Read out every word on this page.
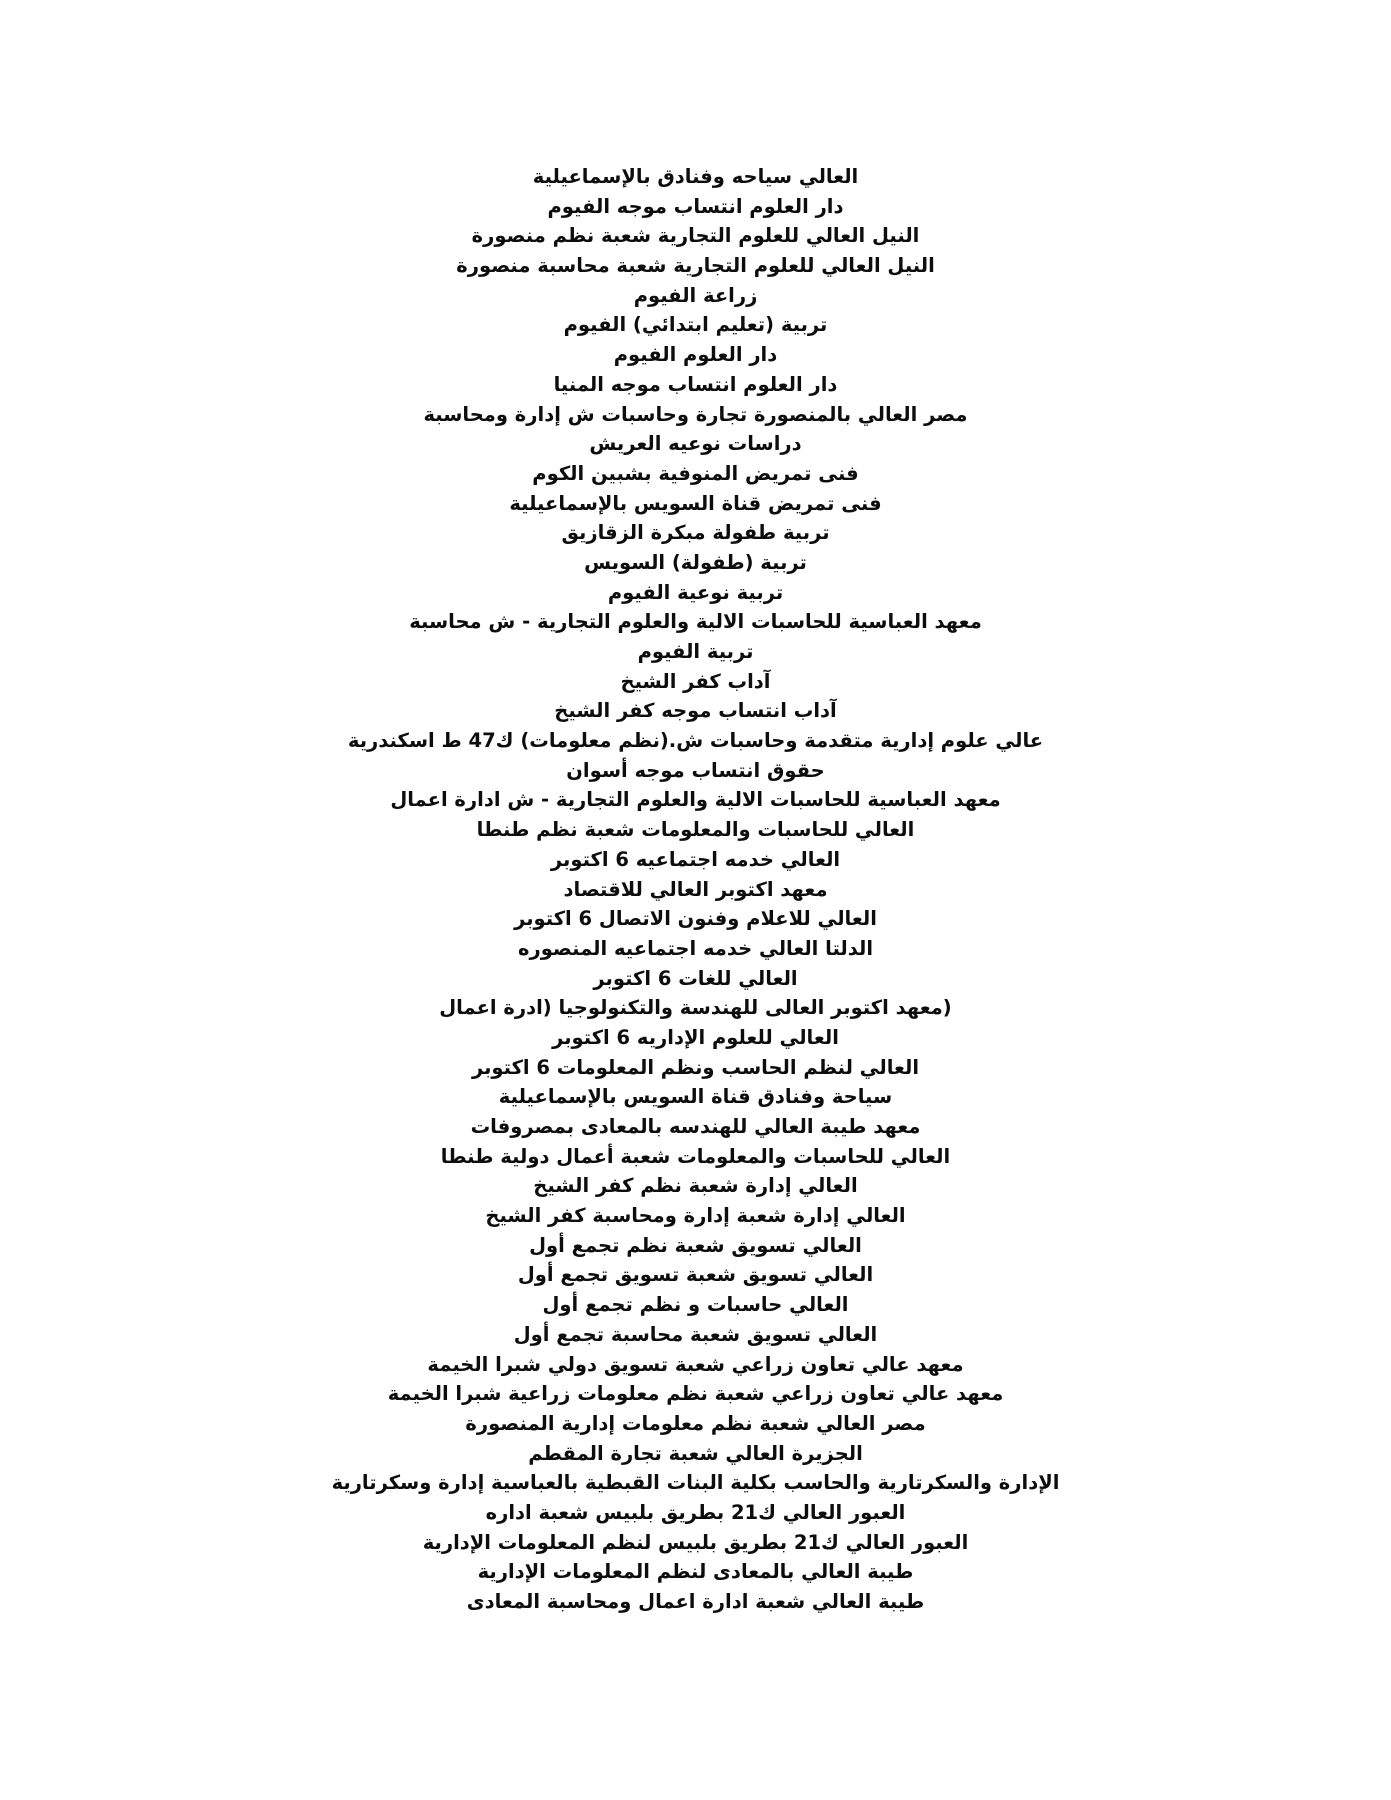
العالي سياحه وفنادق بالإسماعيلية
دار العلوم انتساب موجه الفيوم
النيل العالي للعلوم التجارية شعبة نظم منصورة
النيل العالي للعلوم التجارية شعبة محاسبة منصورة
زراعة الفيوم
تربية (تعليم ابتدائي) الفيوم
دار العلوم الفيوم
دار العلوم انتساب موجه المنيا
مصر العالي بالمنصورة تجارة وحاسبات ش إدارة ومحاسبة
دراسات نوعيه العريش
فنى تمريض المنوفية بشبين الكوم
فنى تمريض قناة السويس بالإسماعيلية
تربية طفولة مبكرة الزقازيق
تربية (طفولة) السويس
تربية نوعية الفيوم
معهد العباسية للحاسبات الالية والعلوم التجارية - ش محاسبة
تربية الفيوم
آداب كفر الشيخ
آداب انتساب موجه كفر الشيخ
عالي علوم إدارية متقدمة وحاسبات ش.(نظم معلومات) ك47 ط اسكندرية
حقوق انتساب موجه أسوان
معهد العباسية للحاسبات الالية والعلوم التجارية - ش ادارة اعمال
العالي للحاسبات والمعلومات شعبة نظم طنطا
العالي خدمه اجتماعيه 6 اكتوبر
معهد اكتوبر العالي للاقتصاد
العالي للاعلام وفنون الاتصال 6 اكتوبر
الدلتا العالي خدمه اجتماعيه المنصوره
العالي للغات 6 اكتوبر
(معهد اكتوبر العالى للهندسة والتكنولوجيا (ادرة اعمال
العالي للعلوم الإداريه 6 اكتوبر
العالي لنظم الحاسب ونظم المعلومات 6 اكتوبر
سياحة وفنادق قناة السويس بالإسماعيلية
معهد طيبة العالي للهندسه بالمعادى بمصروفات
العالي للحاسبات والمعلومات شعبة أعمال دولية طنطا
العالي إدارة شعبة نظم كفر الشيخ
العالي إدارة شعبة إدارة ومحاسبة كفر الشيخ
العالي تسويق شعبة نظم تجمع أول
العالي تسويق شعبة تسويق تجمع أول
العالي حاسبات و نظم تجمع أول
العالي تسويق شعبة محاسبة تجمع أول
معهد عالي تعاون زراعي شعبة تسويق دولي شبرا الخيمة
معهد عالي تعاون زراعي شعبة نظم معلومات زراعية شبرا الخيمة
مصر العالي شعبة نظم معلومات إدارية المنصورة
الجزيرة العالي شعبة تجارة المقطم
الإدارة والسكرتارية والحاسب بكلية البنات القبطية بالعباسية إدارة وسكرتارية
العبور العالي ك21 بطريق بلبيس شعبة اداره
العبور العالي ك21 بطريق بلبيس لنظم المعلومات الإدارية
طيبة العالي بالمعادى لنظم المعلومات الإدارية
طيبة العالي شعبة ادارة اعمال ومحاسبة المعادى
